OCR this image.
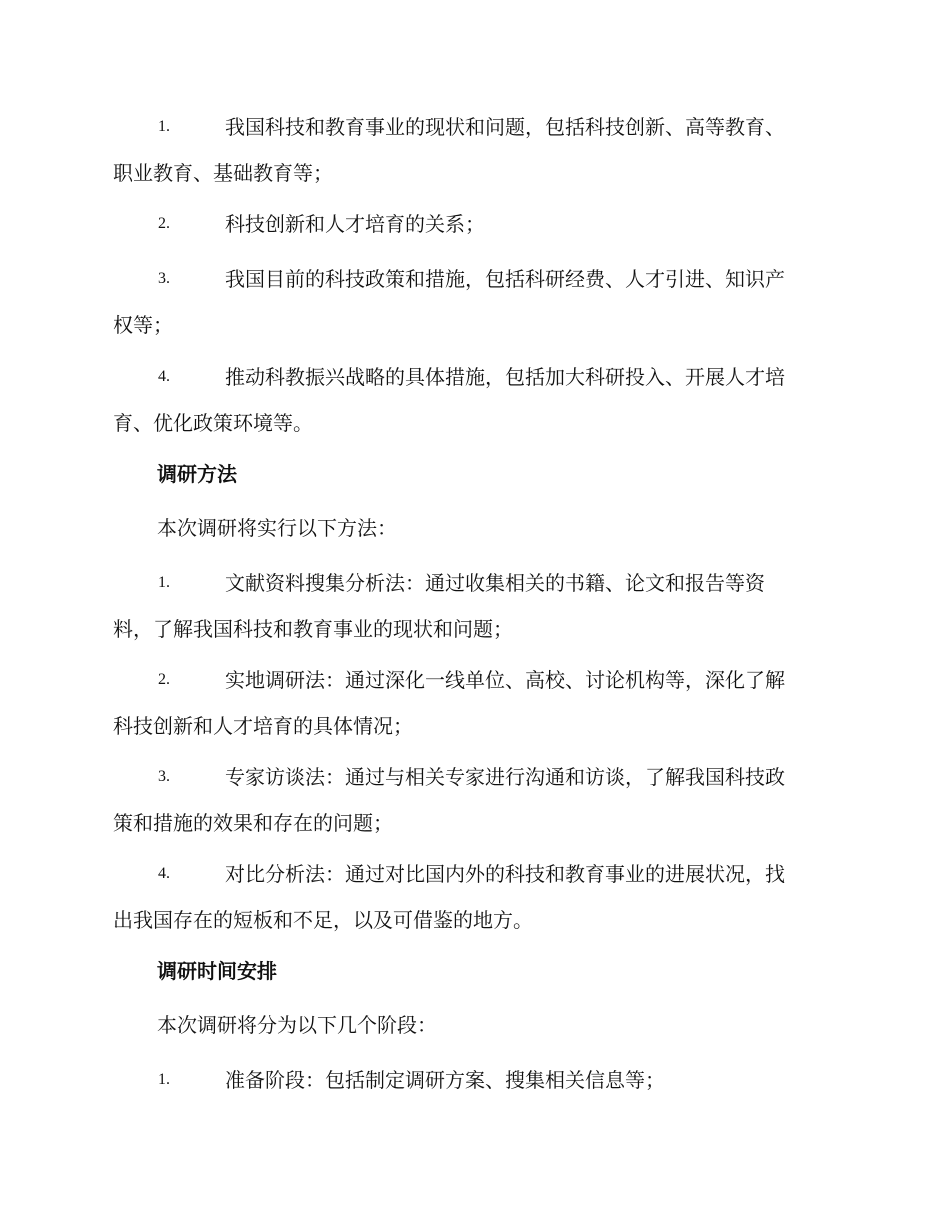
1.	我国科技和教育事业的现状和问题，包括科技创新、高等教育、
职业教育、基础教育等；
2.	科技创新和人才培育的关系；
3.	我国目前的科技政策和措施，包括科研经费、人才引进、知识产
权等；
4.	推动科教振兴战略的具体措施，包括加大科研投入、开展人才培
育、优化政策环境等。
调研方法
本次调研将实行以下方法：
1.	文献资料搜集分析法：通过收集相关的书籍、论文和报告等资
料，了解我国科技和教育事业的现状和问题；
2.	实地调研法：通过深化一线单位、高校、讨论机构等，深化了解
科技创新和人才培育的具体情况；
3.	专家访谈法：通过与相关专家进行沟通和访谈，了解我国科技政
策和措施的效果和存在的问题；
4.	对比分析法：通过对比国内外的科技和教育事业的进展状况，找
出我国存在的短板和不足，以及可借鉴的地方。
调研时间安排
本次调研将分为以下几个阶段：
1.	准备阶段：包括制定调研方案、搜集相关信息等；
